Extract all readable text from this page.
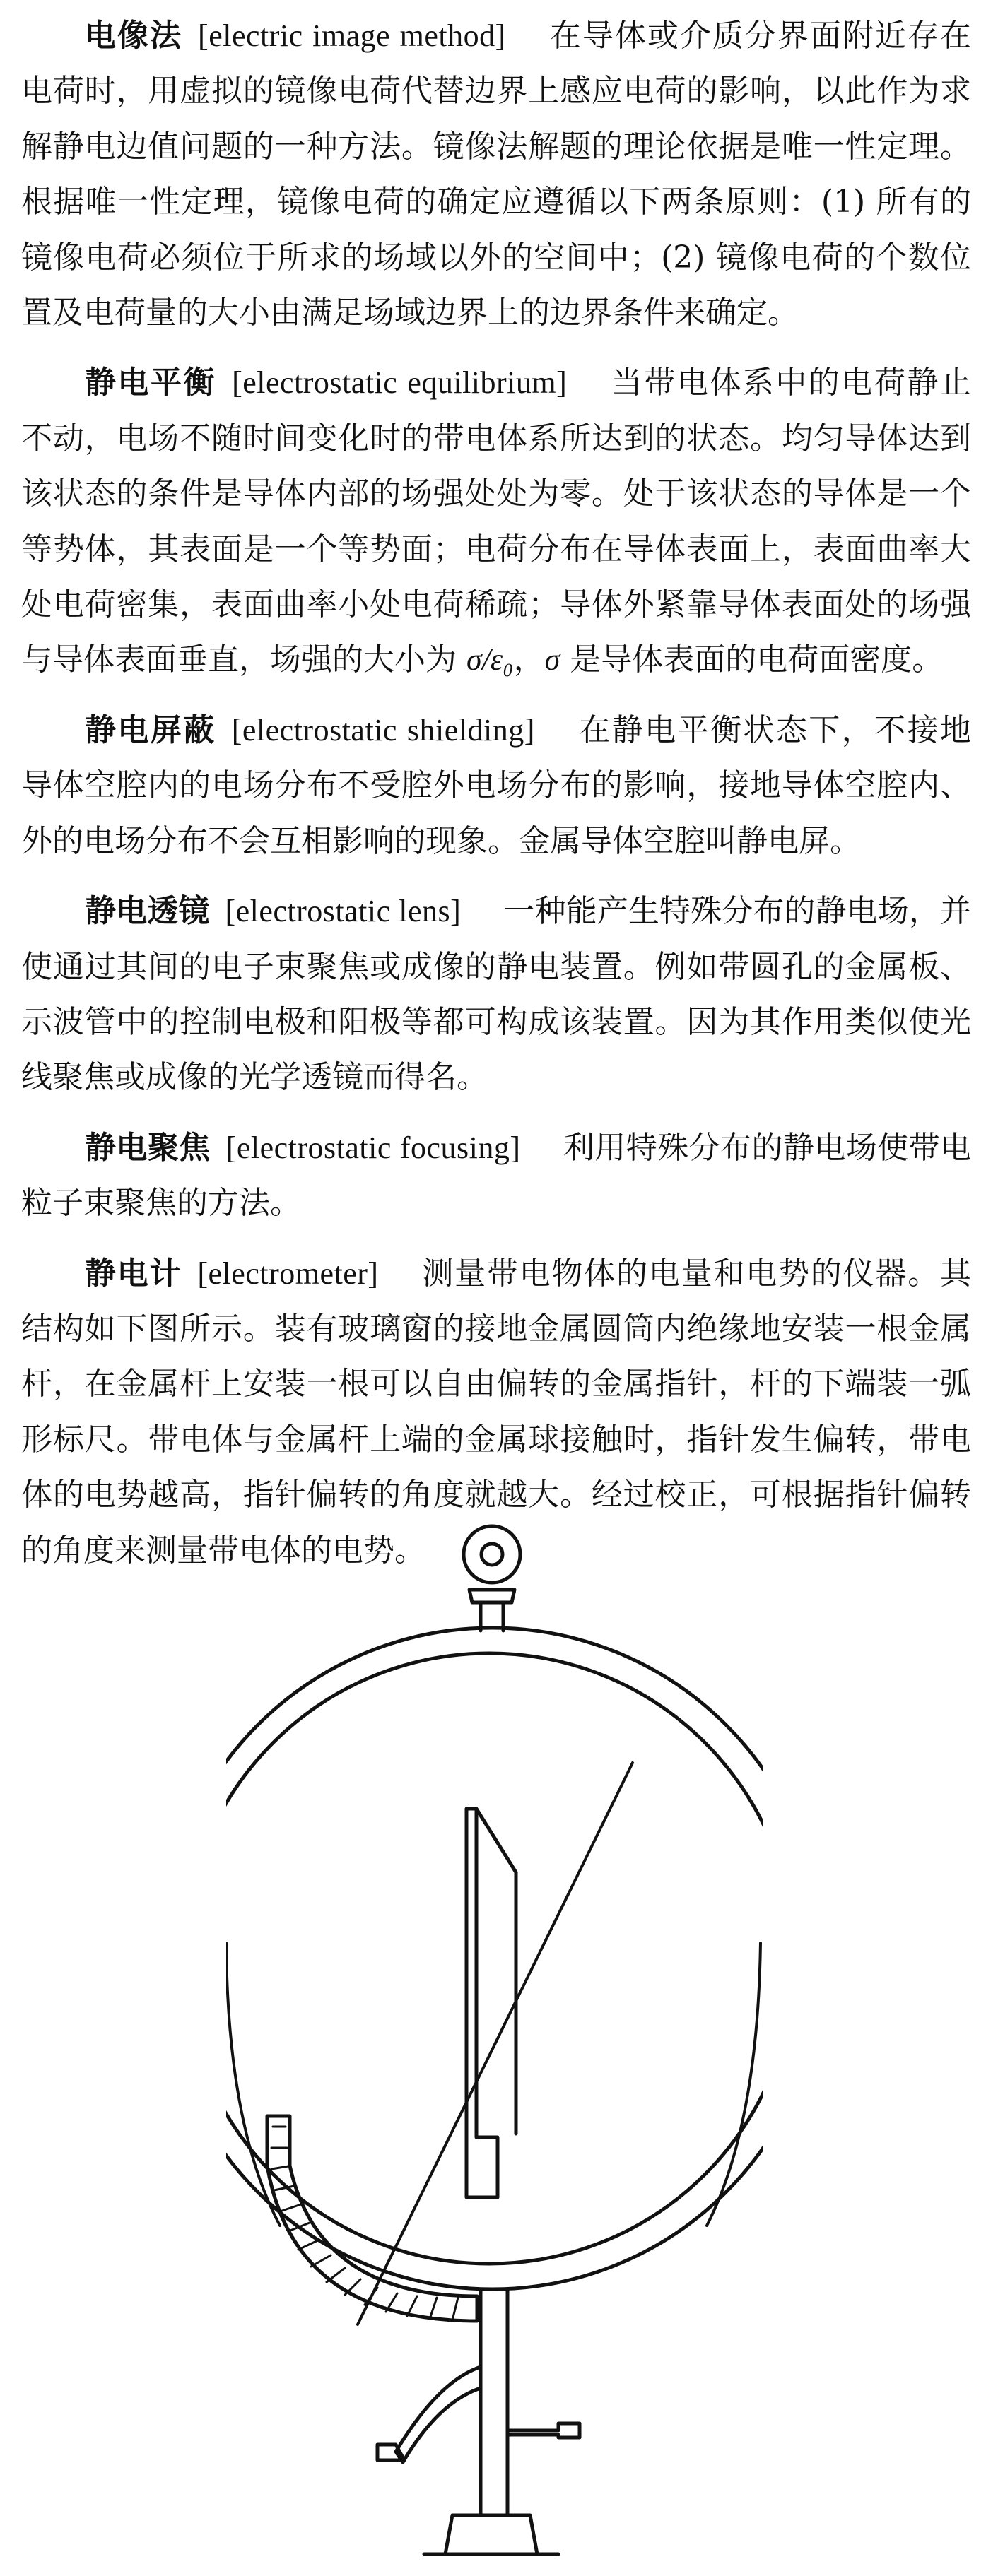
电像法 [electric image method] 在导体或介质分界面附近存在电荷时，用虚拟的镜像电荷代替边界上感应电荷的影响，以此作为求解静电边值问题的一种方法。镜像法解题的理论依据是唯一性定理。根据唯一性定理，镜像电荷的确定应遵循以下两条原则：(1) 所有的镜像电荷必须位于所求的场域以外的空间中；(2) 镜像电荷的个数位置及电荷量的大小由满足场域边界上的边界条件来确定。

静电平衡 [electrostatic equilibrium] 当带电体系中的电荷静止不动，电场不随时间变化时的带电体系所达到的状态。均匀导体达到该状态的条件是导体内部的场强处处为零。处于该状态的导体是一个等势体，其表面是一个等势面；电荷分布在导体表面上，表面曲率大处电荷密集，表面曲率小处电荷稀疏；导体外紧靠导体表面处的场强与导体表面垂直，场强的大小为 σ/ε₀，σ 是导体表面的电荷面密度。

静电屏蔽 [electrostatic shielding] 在静电平衡状态下，不接地导体空腔内的电场分布不受腔外电场分布的影响，接地导体空腔内、外的电场分布不会互相影响的现象。金属导体空腔叫静电屏。

静电透镜 [electrostatic lens] 一种能产生特殊分布的静电场，并使通过其间的电子束聚焦或成像的静电装置。例如带圆孔的金属板、示波管中的控制电极和阳极等都可构成该装置。因为其作用类似使光线聚焦或成像的光学透镜而得名。

静电聚焦 [electrostatic focusing] 利用特殊分布的静电场使带电粒子束聚焦的方法。

静电计 [electrometer] 测量带电物体的电量和电势的仪器。其结构如下图所示。装有玻璃窗的接地金属圆筒内绝缘地安装一根金属杆，在金属杆上安装一根可以自由偏转的金属指针，杆的下端装一弧形标尺。带电体与金属杆上端的金属球接触时，指针发生偏转，带电体的电势越高，指针偏转的角度就越大。经过校正，可根据指针偏转的角度来测量带电体的电势。
